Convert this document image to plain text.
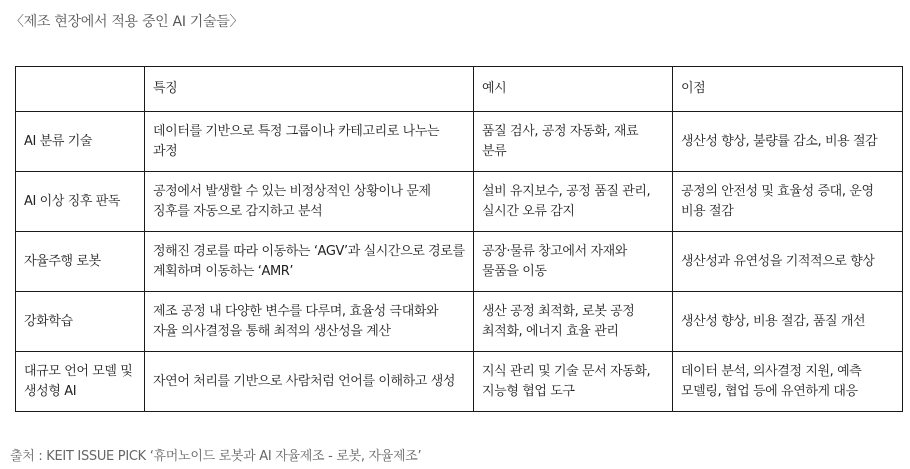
〈제조 현장에서 적용 중인 AI 기술들〉
	특징	예시	이점
AI 분류 기술	데이터를 기반으로 특정 그룹이나 카테고리로 나누는 과정	품질 검사, 공정 자동화, 재료 분류	생산성 향상, 불량률 감소, 비용 절감
AI 이상 징후 판독	공정에서 발생할 수 있는 비정상적인 상황이나 문제 징후를 자동으로 감지하고 분석	설비 유지보수, 공정 품질 관리, 실시간 오류 감지	공정의 안전성 및 효율성 증대, 운영 비용 절감
자율주행 로봇	정해진 경로를 따라 이동하는 ‘AGV’과 실시간으로 경로를 계획하며 이동하는 ‘AMR’	공장·물류 창고에서 자재와 물품을 이동	생산성과 유연성을 기적적으로 향상
강화학습	제조 공정 내 다양한 변수를 다루며, 효율성 극대화와 자율 의사결정을 통해 최적의 생산성을 계산	생산 공정 최적화, 로봇 공정 최적화, 에너지 효율 관리	생산성 향상, 비용 절감, 품질 개선
대규모 언어 모델 및 생성형 AI	자연어 처리를 기반으로 사람처럼 언어를 이해하고 생성	지식 관리 및 기술 문서 자동화, 지능형 협업 도구	데이터 분석, 의사결정 지원, 예측 모델링, 협업 등에 유연하게 대응
출처 : KEIT ISSUE PICK ‘휴머노이드 로봇과 AI 자율제조 - 로봇, 자율제조’
